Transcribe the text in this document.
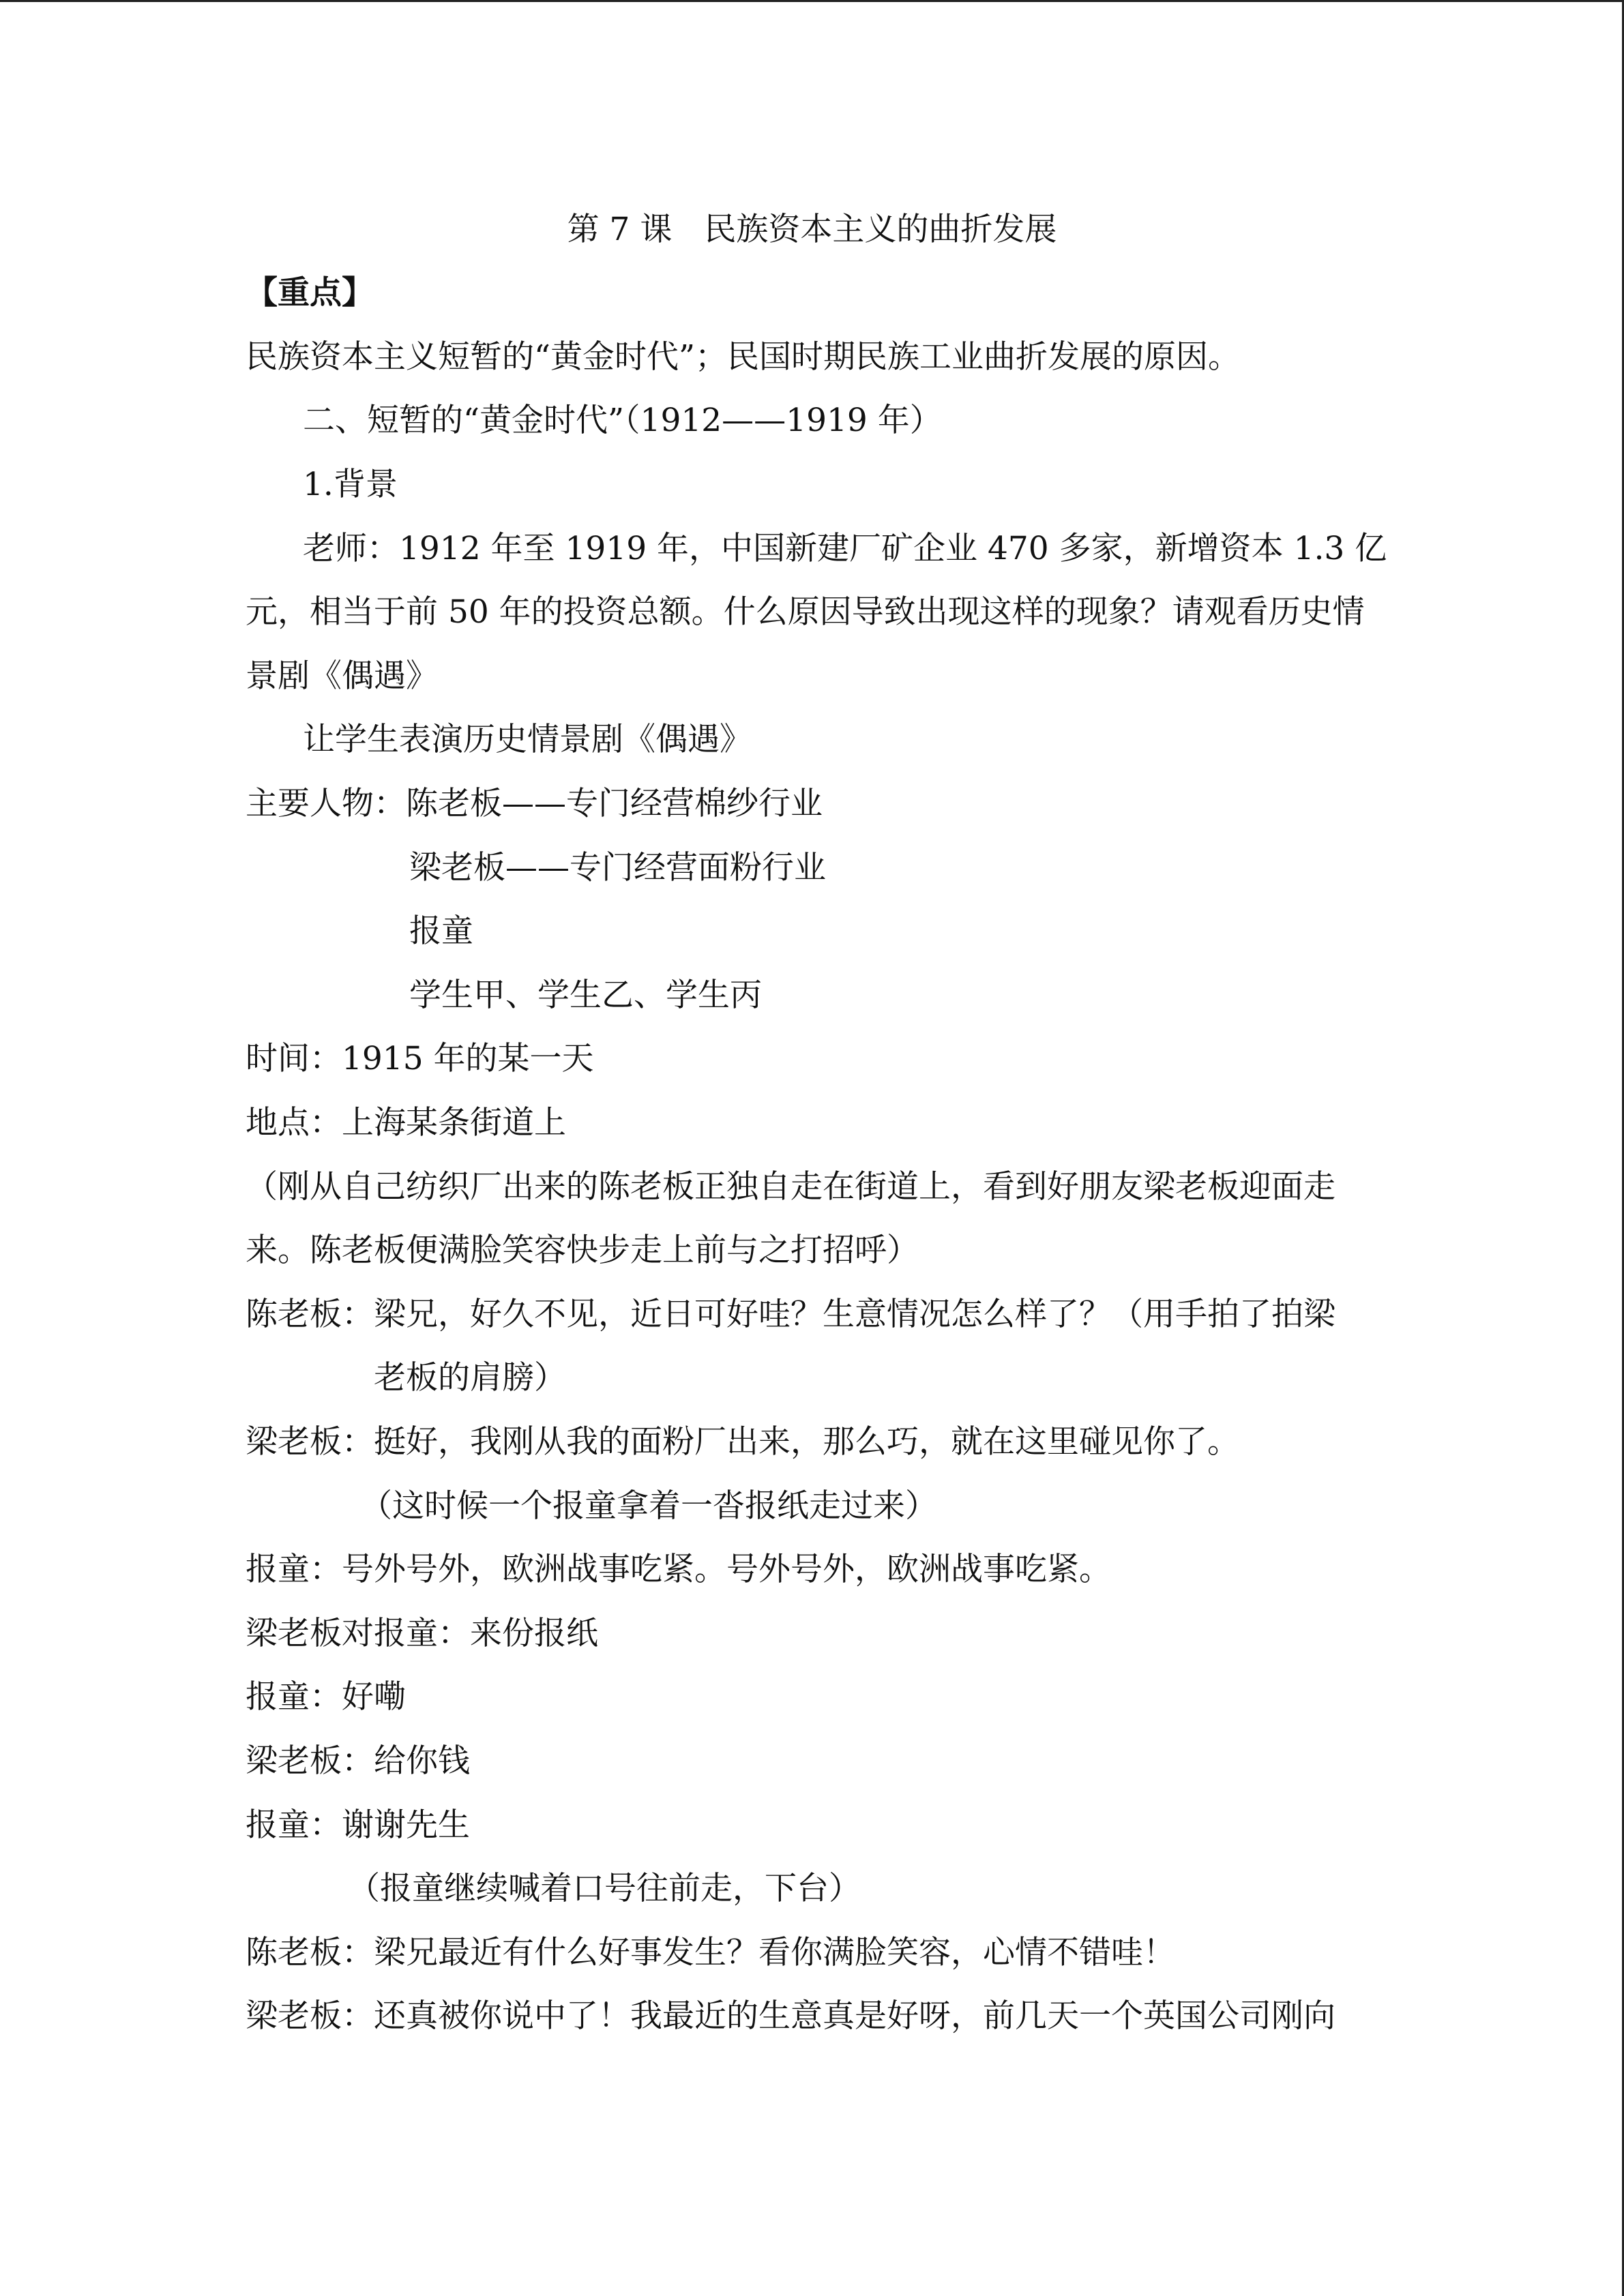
第 7 课　民族资本主义的曲折发展
【重点】
民族资本主义短暂的“黄金时代”；民国时期民族工业曲折发展的原因。
二、短暂的“黄金时代”（1912——1919 年）
1.背景
老师：1912 年至 1919 年，中国新建厂矿企业 470 多家，新增资本 1.3 亿
元，相当于前 50 年的投资总额。什么原因导致出现这样的现象？请观看历史情
景剧《偶遇》
让学生表演历史情景剧《偶遇》
主要人物：陈老板——专门经营棉纱行业
梁老板——专门经营面粉行业
报童
学生甲、学生乙、学生丙
时间：1915 年的某一天
地点：上海某条街道上
（刚从自己纺织厂出来的陈老板正独自走在街道上，看到好朋友梁老板迎面走
来。陈老板便满脸笑容快步走上前与之打招呼）
陈老板：梁兄，好久不见，近日可好哇？生意情况怎么样了？（用手拍了拍梁
老板的肩膀）
梁老板：挺好，我刚从我的面粉厂出来，那么巧，就在这里碰见你了。
（这时候一个报童拿着一沓报纸走过来）
报童：号外号外，欧洲战事吃紧。号外号外，欧洲战事吃紧。
梁老板对报童：来份报纸
报童：好嘞
梁老板：给你钱
报童：谢谢先生
（报童继续喊着口号往前走，下台）
陈老板：梁兄最近有什么好事发生？看你满脸笑容，心情不错哇！
梁老板：还真被你说中了！我最近的生意真是好呀，前几天一个英国公司刚向
